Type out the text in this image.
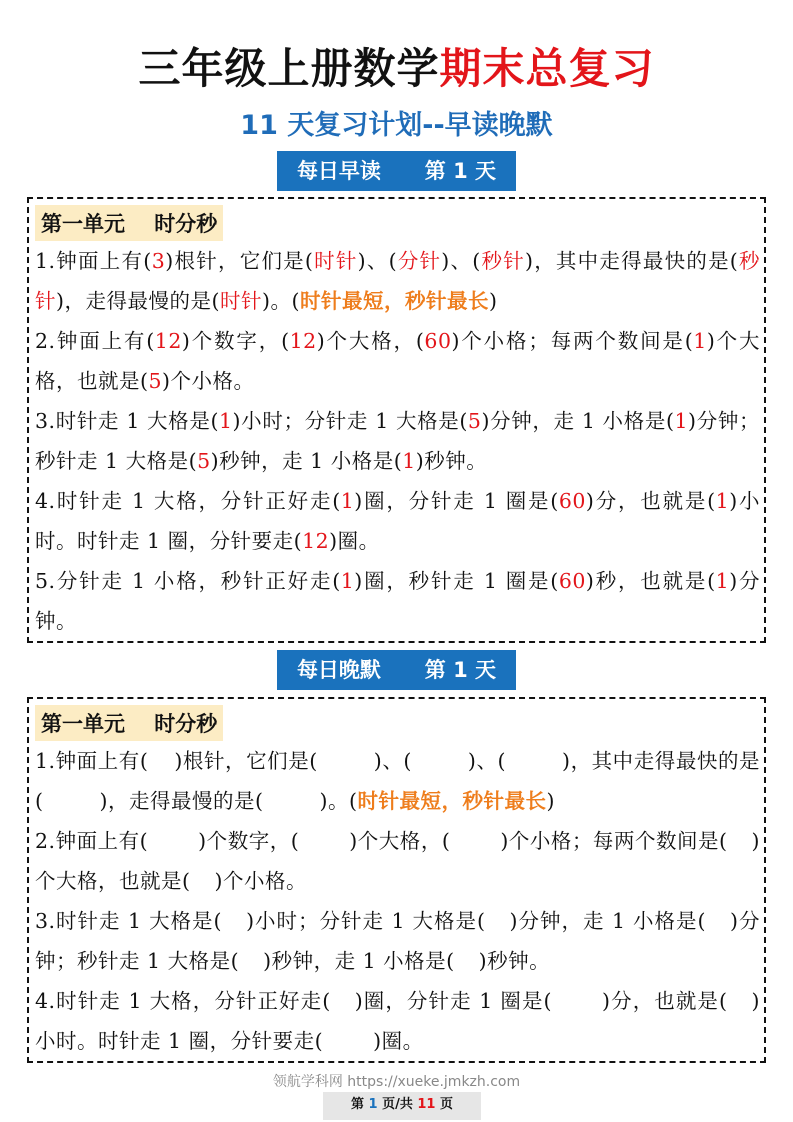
三年级上册数学期末总复习
11 天复习计划--早读晚默
每日早读      第 1 天
第一单元    时分秒
1.钟面上有(3)根针，它们是(时针)、(分针)、(秒针)，其中走得最快的是(秒针)，走得最慢的是(时针)。(时针最短，秒针最长)
2.钟面上有(12)个数字，(12)个大格，(60)个小格；每两个数间是(1)个大格，也就是(5)个小格。
3.时针走 1 大格是(1)小时；分针走 1 大格是(5)分钟，走 1 小格是(1)分钟；秒针走 1 大格是(5)秒钟，走 1 小格是(1)秒钟。
4.时针走 1 大格，分针正好走(1)圈，分针走 1 圈是(60)分，也就是(1)小时。时针走 1 圈，分针要走(12)圈。
5.分针走 1 小格，秒针正好走(1)圈，秒针走 1 圈是(60)秒，也就是(1)分钟。
每日晚默      第 1 天
第一单元    时分秒
1.钟面上有( )根针，它们是(	)、(	)、(	)，其中走得最快的是(	)，走得最慢的是(	)。(时针最短，秒针最长)
2.钟面上有( )个数字，( )个大格，( )个小格；每两个数间是( )个大格，也就是( )个小格。
3.时针走 1 大格是( )小时；分针走 1 大格是( )分钟，走 1 小格是( )分钟；秒针走 1 大格是( )秒钟，走 1 小格是( )秒钟。
4.时针走 1 大格，分针正好走( )圈，分针走 1 圈是( )分，也就是( )小时。时针走 1 圈，分针要走( )圈。
领航学科网 https://xueke.jmkzh.com
第 1 页/共 11 页
